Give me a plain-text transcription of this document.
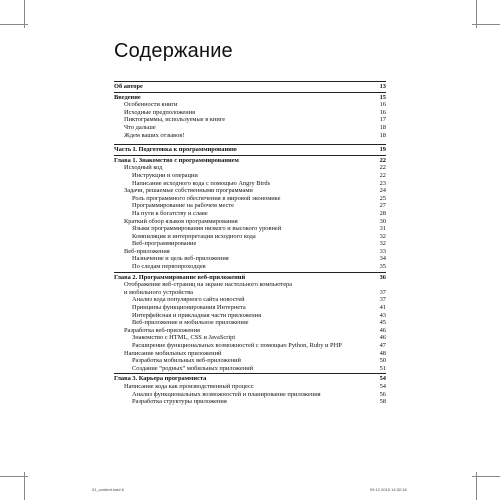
Содержание
Об авторе	13
Введение	15
Особенности книги	16
Исходные предположения	16
Пиктограммы, используемые в книге	17
Что дальше	18
Ждем ваших отзывов!	18
Часть I. Подготовка к программированию	19
Глава 1. Знакомство с программированием	22
Исходный код	22
Инструкции и операции	22
Написание исходного кода с помощью Angry Birds	23
Задачи, решаемые собственными программами	24
Роль программного обеспечения в мировой экономике	25
Программирование на рабочем месте	27
На пути к богатству и славе	28
Краткий обзор языков программирования	30
Языки программирования низкого и высокого уровней	31
Компиляция и интерпретация исходного кода	32
Веб-программирование	32
Веб-приложения	33
Назначение и цель веб-приложения	34
По следам первопроходцев	35
Глава 2. Программирование веб-приложений	36
Отображение веб-страниц на экране настольного компьютера
и мобильного устройства	37
Анализ кода популярного сайта новостей	37
Принципы функционирования Интернета	41
Интерфейсная и прикладная части приложения	43
Веб-приложение и мобильное приложение	45
Разработка веб-приложения	46
Знакомство с HTML, CSS и JavaScript	46
Расширение функциональных возможностей с помощью Python, Ruby и PHP	47
Написание мобильных приложений	48
Разработка мобильных веб-приложений	50
Создание “родных” мобильных приложений	51
Глава 3. Карьера программиста	54
Написание кода как производственный процесс	54
Анализ функциональных возможностей и планирование приложения	56
Разработка структуры приложения	58
01_content.indd 6	09.12.2015 14:32:16
